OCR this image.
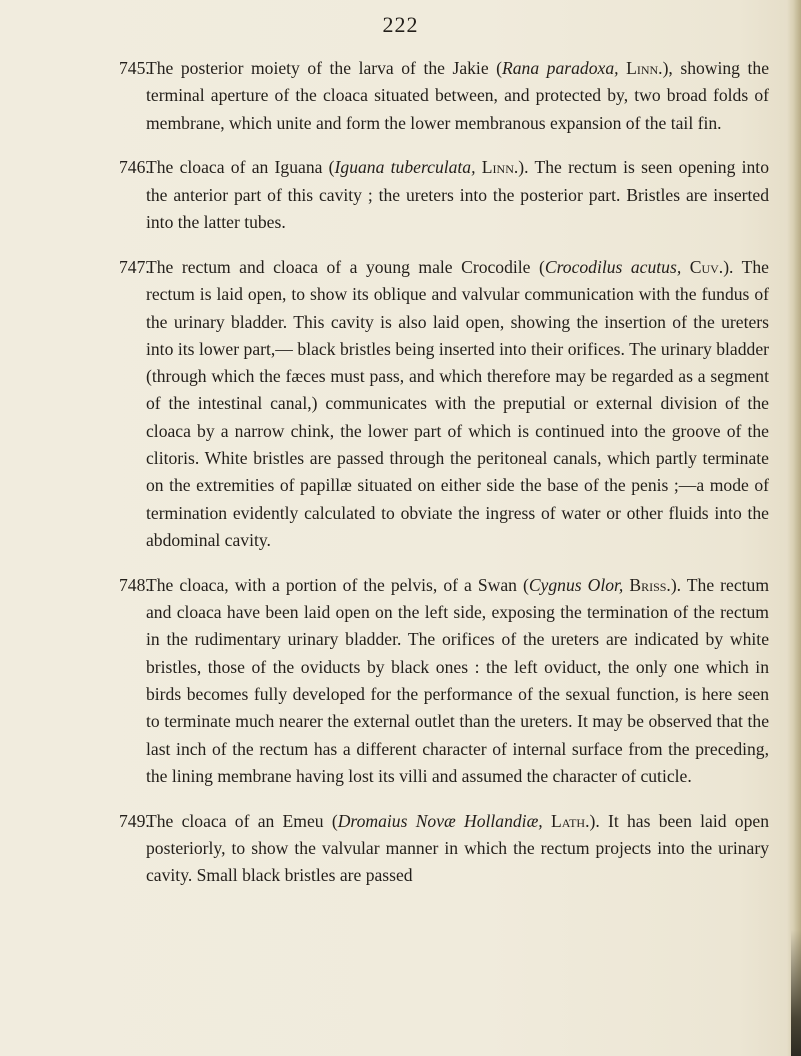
222

745.
The posterior moiety of the larva of the Jakie (Rana paradoxa, Linn.), showing the terminal aperture of the cloaca situated between, and protected by, two broad folds of membrane, which unite and form the lower membranous expansion of the tail fin.

746.
The cloaca of an Iguana (Iguana tuberculata, Linn.). The rectum is seen opening into the anterior part of this cavity ; the ureters into the posterior part. Bristles are inserted into the latter tubes.

747.
The rectum and cloaca of a young male Crocodile (Crocodilus acutus, Cuv.). The rectum is laid open, to show its oblique and valvular communication with the fundus of the urinary bladder. This cavity is also laid open, showing the insertion of the ureters into its lower part,— black bristles being inserted into their orifices. The urinary bladder (through which the fæces must pass, and which therefore may be regarded as a segment of the intestinal canal,) communicates with the preputial or external division of the cloaca by a narrow chink, the lower part of which is continued into the groove of the clitoris. White bristles are passed through the peritoneal canals, which partly terminate on the extremities of papillæ situated on either side the base of the penis ;—a mode of termination evidently calculated to obviate the ingress of water or other fluids into the abdominal cavity.

748.
The cloaca, with a portion of the pelvis, of a Swan (Cygnus Olor, Briss.). The rectum and cloaca have been laid open on the left side, exposing the termination of the rectum in the rudimentary urinary bladder. The orifices of the ureters are indicated by white bristles, those of the oviducts by black ones : the left oviduct, the only one which in birds becomes fully developed for the performance of the sexual function, is here seen to terminate much nearer the external outlet than the ureters. It may be observed that the last inch of the rectum has a different character of internal surface from the preceding, the lining membrane having lost its villi and assumed the character of cuticle.

749.
The cloaca of an Emeu (Dromaius Novæ Hollandiæ, Lath.). It has been laid open posteriorly, to show the valvular manner in which the rectum projects into the urinary cavity. Small black bristles are passed
